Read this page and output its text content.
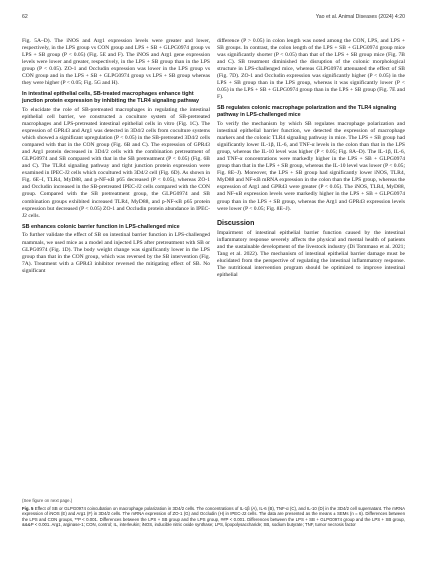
62	Yao et al. Animal Diseases (2024) 4:20

Fig. 5A–D). The iNOS and Arg1 expression levels were greater and lower, respectively, in the LPS group vs CON group and LPS + SB + GLPG0974 group vs LPS + SB group (P < 0.05) (Fig. 5E and F). The iNOS and Arg1 gene expression levels were lower and greater, respectively, in the LPS + SB group than in the LPS group (P < 0.05). ZO-1 and Occludin expression was lower in the LPS group vs CON group and in the LPS + SB + GLPG0974 group vs LPS + SB group whereas they were higher (P < 0.05; Fig. 5G and H).

In intestinal epithelial cells, SB-treated macrophages enhance tight junction protein expression by inhibiting the TLR4 signaling pathway

To elucidate the role of SB-pretreated macrophages in regulating the intestinal epithelial cell barrier, we constructed a coculture system of SB-pretreated macrophages and LPS-pretreated intestinal epithelial cells in vitro (Fig. 1C). The expression of GPR43 and Arg1 was detected in 3D4/2 cells from coculture systems which showed a significant upregulation (P < 0.05) in the SB-pretreated 3D4/2 cells compared with that in the CON group (Fig. 6B and C). The expression of GPR43 and Arg1 protein decreased in 3D4/2 cells with the combination pretreatment of GLPG0974 and SB compared with that in the SB pretreatment (P < 0.05) (Fig. 6B and C). The TLR4 signaling pathway and tight junction protein expression were examined in IPEC-J2 cells which cocultured with 3D4/2 cell (Fig. 6D). As shown in Fig. 6E–I, TLR4, MyD88, and p-NF-κB p65 decreased (P < 0.05), whereas ZO-1 and Occludin increased in the SB-pretreated IPEC-J2 cells compared with the CON group. Compared with the SB pretreatment group, the GLPG0974 and SB combination groups exhibited increased TLR4, MyD88, and p-NF-κB p65 protein expression but decreased (P < 0.05) ZO-1 and Occludin protein abundance in IPEC-J2 cells.

SB enhances colonic barrier function in LPS-challenged mice

To further validate the effect of SB on intestinal barrier function in LPS-challenged mammals, we used mice as a model and injected LPS after pretreatment with SB or GLPG0974 (Fig. 1D). The body weight change was significantly lower in the LPS group than that in the CON group, which was reversed by the SB intervention (Fig. 7A). Treatment with a GPR43 inhibitor reversed the mitigating effect of SB. No significant

difference (P > 0.05) in colon length was noted among the CON, LPS, and LPS + SB groups. In contrast, the colon length of the LPS + SB + GLPG0974 group mice was significantly shorter (P < 0.05) than that of the LPS + SB group mice (Fig. 7B and C). SB treatment diminished the disruption of the colonic morphological structure in LPS-challenged mice, whereas GLPG0974 attenuated the effect of SB (Fig. 7D). ZO-1 and Occludin expression was significantly higher (P < 0.05) in the LPS + SB group than in the LPS group, whereas it was significantly lower (P < 0.05) in the LPS + SB + GLPG0974 group than in the LPS + SB group (Fig. 7E and F).

SB regulates colonic macrophage polarization and the TLR4 signaling pathway in LPS-challenged mice

To verify the mechanism by which SB regulates macrophage polarization and intestinal epithelial barrier function, we detected the expression of macrophage markers and the colonic TLR4 signaling pathway in mice. The LPS + SB group had significantly lower IL-1β, IL-6, and TNF-α levels in the colon than that in the LPS group, whereas the IL-10 level was higher (P < 0.05; Fig. 8A–D). The IL-1β, IL-6, and TNF-α concentrations were markedly higher in the LPS + SB + GLPG0974 group than that in the LPS + SB group, whereas the IL-10 level was lower (P < 0.05; Fig. 8E–J). Moreover, the LPS + SB group had significantly lower iNOS, TLR4, MyD88 and NF-κB mRNA expression in the colon than the LPS group, whereas the expression of Arg1 and GPR43 were greater (P < 0.05). The iNOS, TLR4, MyD88, and NF-κB expression levels were markedly higher in the LPS + SB + GLPG0974 group than in the LPS + SB group, whereas the Arg1 and GPR43 expression levels were lower (P < 0.05; Fig. 8E–J).

Discussion

Impairment of intestinal epithelial barrier function caused by the intestinal inflammatory response severely affects the physical and mental health of patients and the sustainable development of the livestock industry (Di Tommaso et al. 2021; Tang et al. 2022). The mechanism of intestinal epithelial barrier damage must be elucidated from the perspective of regulating the intestinal inflammatory response. The nutritional intervention program should be optimized to improve intestinal epithelial

(See figure on next page.)
Fig. 5 Effect of SB or GLPG0974 coincubation on macrophage polarization in 3D4/2 cells. The concentrations of IL-1β (A), IL-6 (B), TNF-α (C), and IL-10 (D) in the 3D4/2 cell supernatant. The mRNA expression of iNOS (E) and Arg1 (F) in 3D4/2 cells. The mRNA expression of ZO-1 (G) and Occludin (H) in IPEC-J2 cells. The data are presented as the means ± SEMs (n = 6). Differences between the LPS and CON groups, **P < 0.001. Differences between the LPS + SB group and the LPS group, ##P < 0.001. Differences between the LPS + SB + GLPG0974 group and the LPS + SB group, &&&P < 0.001. Arg1, arginase-1; CON, control; IL, interleukin; iNOS, inducible nitric oxide synthase; LPS, lipopolysaccharide; SB, sodium butyrate; TNF, tumor necrosis factor
